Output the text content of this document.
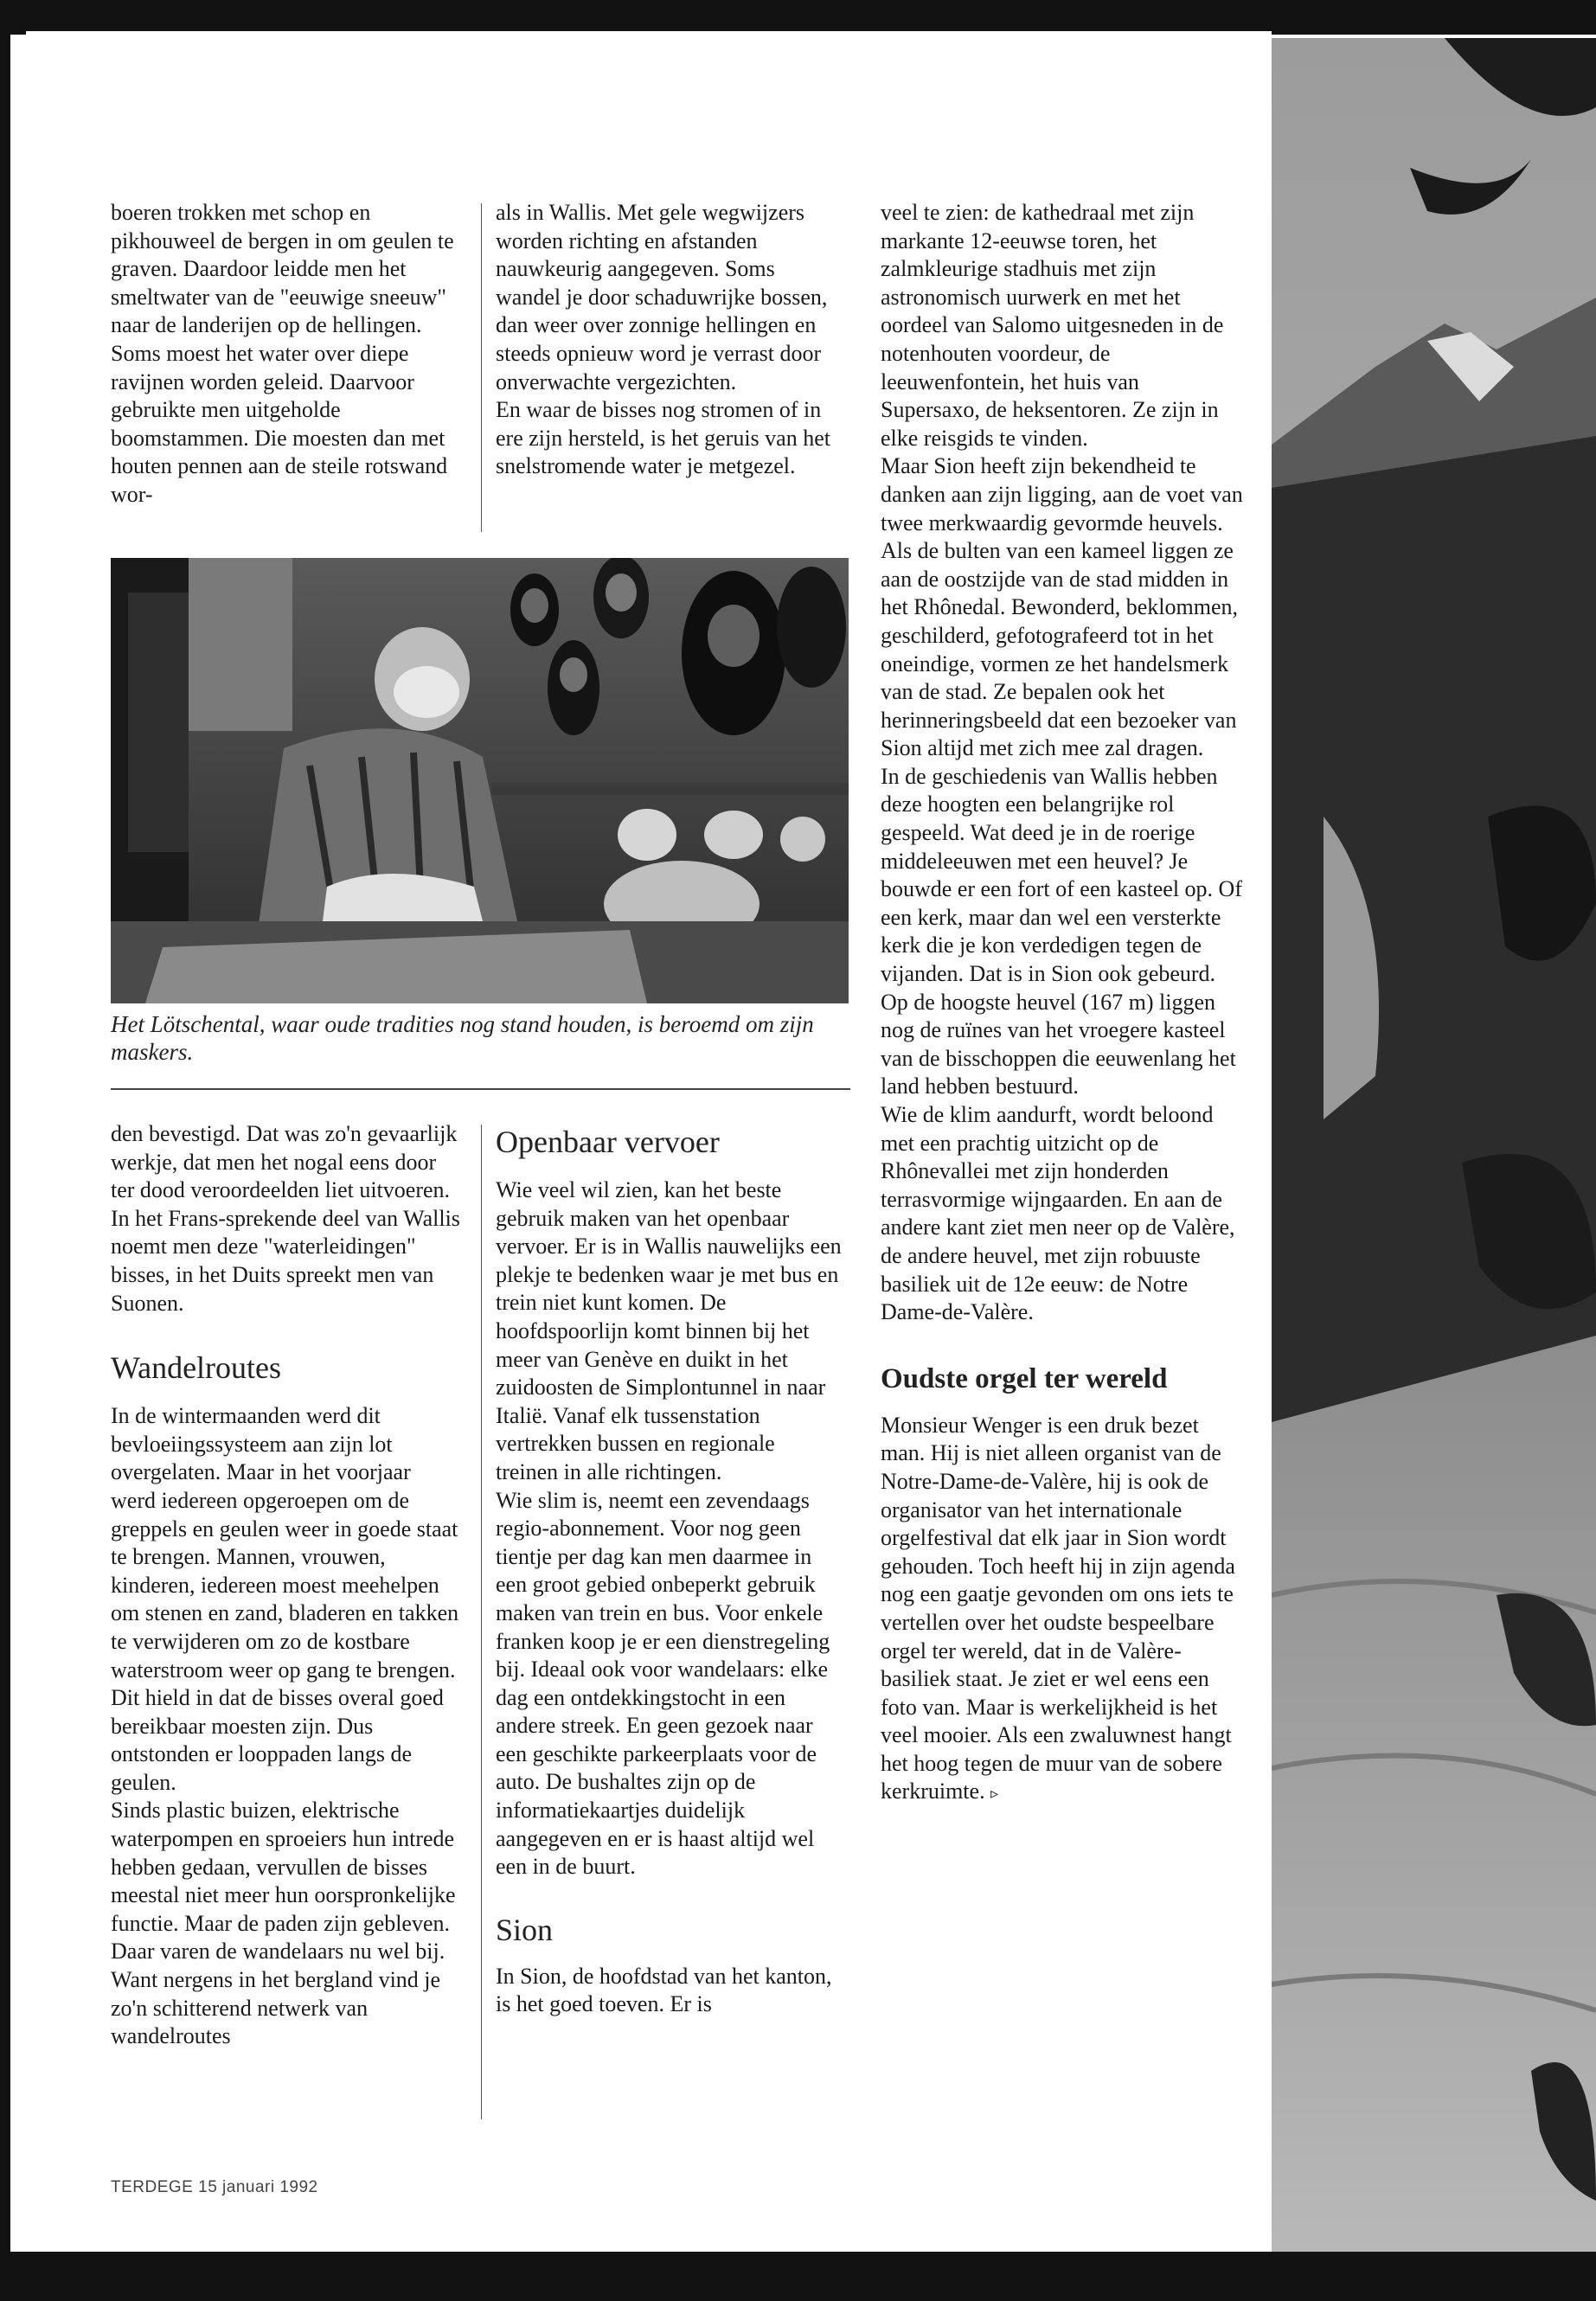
boeren trokken met schop en pikhouweel de bergen in om geulen te graven. Daardoor leidde men het smeltwater van de "eeuwige sneeuw" naar de landerijen op de hellingen. Soms moest het water over diepe ravijnen worden geleid. Daarvoor gebruikte men uitgeholde boomstammen. Die moesten dan met houten pennen aan de steile rotswand wor-

als in Wallis. Met gele wegwijzers worden richting en afstanden nauwkeurig aangegeven. Soms wandel je door schaduwrijke bossen, dan weer over zonnige hellingen en steeds opnieuw word je verrast door onverwachte vergezichten.

En waar de bisses nog stromen of in ere zijn hersteld, is het geruis van het snelstromende water je metgezel.

Het Lötschental, waar oude tradities nog stand houden, is beroemd om zijn maskers.

den bevestigd. Dat was zo'n gevaarlijk werkje, dat men het nogal eens door ter dood veroordeelden liet uitvoeren. In het Frans-sprekende deel van Wallis noemt men deze "waterleidingen" bisses, in het Duits spreekt men van Suonen.

Wandelroutes

In de wintermaanden werd dit bevloeiingssysteem aan zijn lot overgelaten. Maar in het voorjaar werd iedereen opgeroepen om de greppels en geulen weer in goede staat te brengen. Mannen, vrouwen, kinderen, iedereen moest meehelpen om stenen en zand, bladeren en takken te verwijderen om zo de kostbare waterstroom weer op gang te brengen. Dit hield in dat de bisses overal goed bereikbaar moesten zijn. Dus ontstonden er looppaden langs de geulen.

Sinds plastic buizen, elektrische waterpompen en sproeiers hun intrede hebben gedaan, vervullen de bisses meestal niet meer hun oorspronkelijke functie. Maar de paden zijn gebleven. Daar varen de wandelaars nu wel bij. Want nergens in het bergland vind je zo'n schitterend netwerk van wandelroutes

Openbaar vervoer

Wie veel wil zien, kan het beste gebruik maken van het openbaar vervoer. Er is in Wallis nauwelijks een plekje te bedenken waar je met bus en trein niet kunt komen. De hoofdspoorlijn komt binnen bij het meer van Genève en duikt in het zuidoosten de Simplontunnel in naar Italië. Vanaf elk tussenstation vertrekken bussen en regionale treinen in alle richtingen.

Wie slim is, neemt een zevendaags regio-abonnement. Voor nog geen tientje per dag kan men daarmee in een groot gebied onbeperkt gebruik maken van trein en bus. Voor enkele franken koop je er een dienstregeling bij. Ideaal ook voor wandelaars: elke dag een ontdekkingstocht in een andere streek. En geen gezoek naar een geschikte parkeerplaats voor de auto. De bushaltes zijn op de informatiekaartjes duidelijk aangegeven en er is haast altijd wel een in de buurt.

Sion

In Sion, de hoofdstad van het kanton, is het goed toeven. Er is

veel te zien: de kathedraal met zijn markante 12-eeuwse toren, het zalmkleurige stadhuis met zijn astronomisch uurwerk en met het oordeel van Salomo uitgesneden in de notenhouten voordeur, de leeuwenfontein, het huis van Supersaxo, de heksentoren. Ze zijn in elke reisgids te vinden.

Maar Sion heeft zijn bekendheid te danken aan zijn ligging, aan de voet van twee merkwaardig gevormde heuvels. Als de bulten van een kameel liggen ze aan de oostzijde van de stad midden in het Rhônedal. Bewonderd, beklommen, geschilderd, gefotografeerd tot in het oneindige, vormen ze het handelsmerk van de stad. Ze bepalen ook het herinneringsbeeld dat een bezoeker van Sion altijd met zich mee zal dragen.

In de geschiedenis van Wallis hebben deze hoogten een belangrijke rol gespeeld. Wat deed je in de roerige middeleeuwen met een heuvel? Je bouwde er een fort of een kasteel op. Of een kerk, maar dan wel een versterkte kerk die je kon verdedigen tegen de vijanden. Dat is in Sion ook gebeurd. Op de hoogste heuvel (167 m) liggen nog de ruïnes van het vroegere kasteel van de bisschoppen die eeuwenlang het land hebben bestuurd.

Wie de klim aandurft, wordt beloond met een prachtig uitzicht op de Rhônevallei met zijn honderden terrasvormige wijngaarden. En aan de andere kant ziet men neer op de Valère, de andere heuvel, met zijn robuuste basiliek uit de 12e eeuw: de Notre Dame-de-Valère.

Oudste orgel ter wereld

Monsieur Wenger is een druk bezet man. Hij is niet alleen organist van de Notre-Dame-de-Valère, hij is ook de organisator van het internationale orgelfestival dat elk jaar in Sion wordt gehouden. Toch heeft hij in zijn agenda nog een gaatje gevonden om ons iets te vertellen over het oudste bespeelbare orgel ter wereld, dat in de Valère-basiliek staat. Je ziet er wel eens een foto van. Maar is werkelijkheid is het veel mooier. Als een zwaluwnest hangt het hoog tegen de muur van de sobere kerkruimte. ▹

TERDEGE 15 januari 1992
